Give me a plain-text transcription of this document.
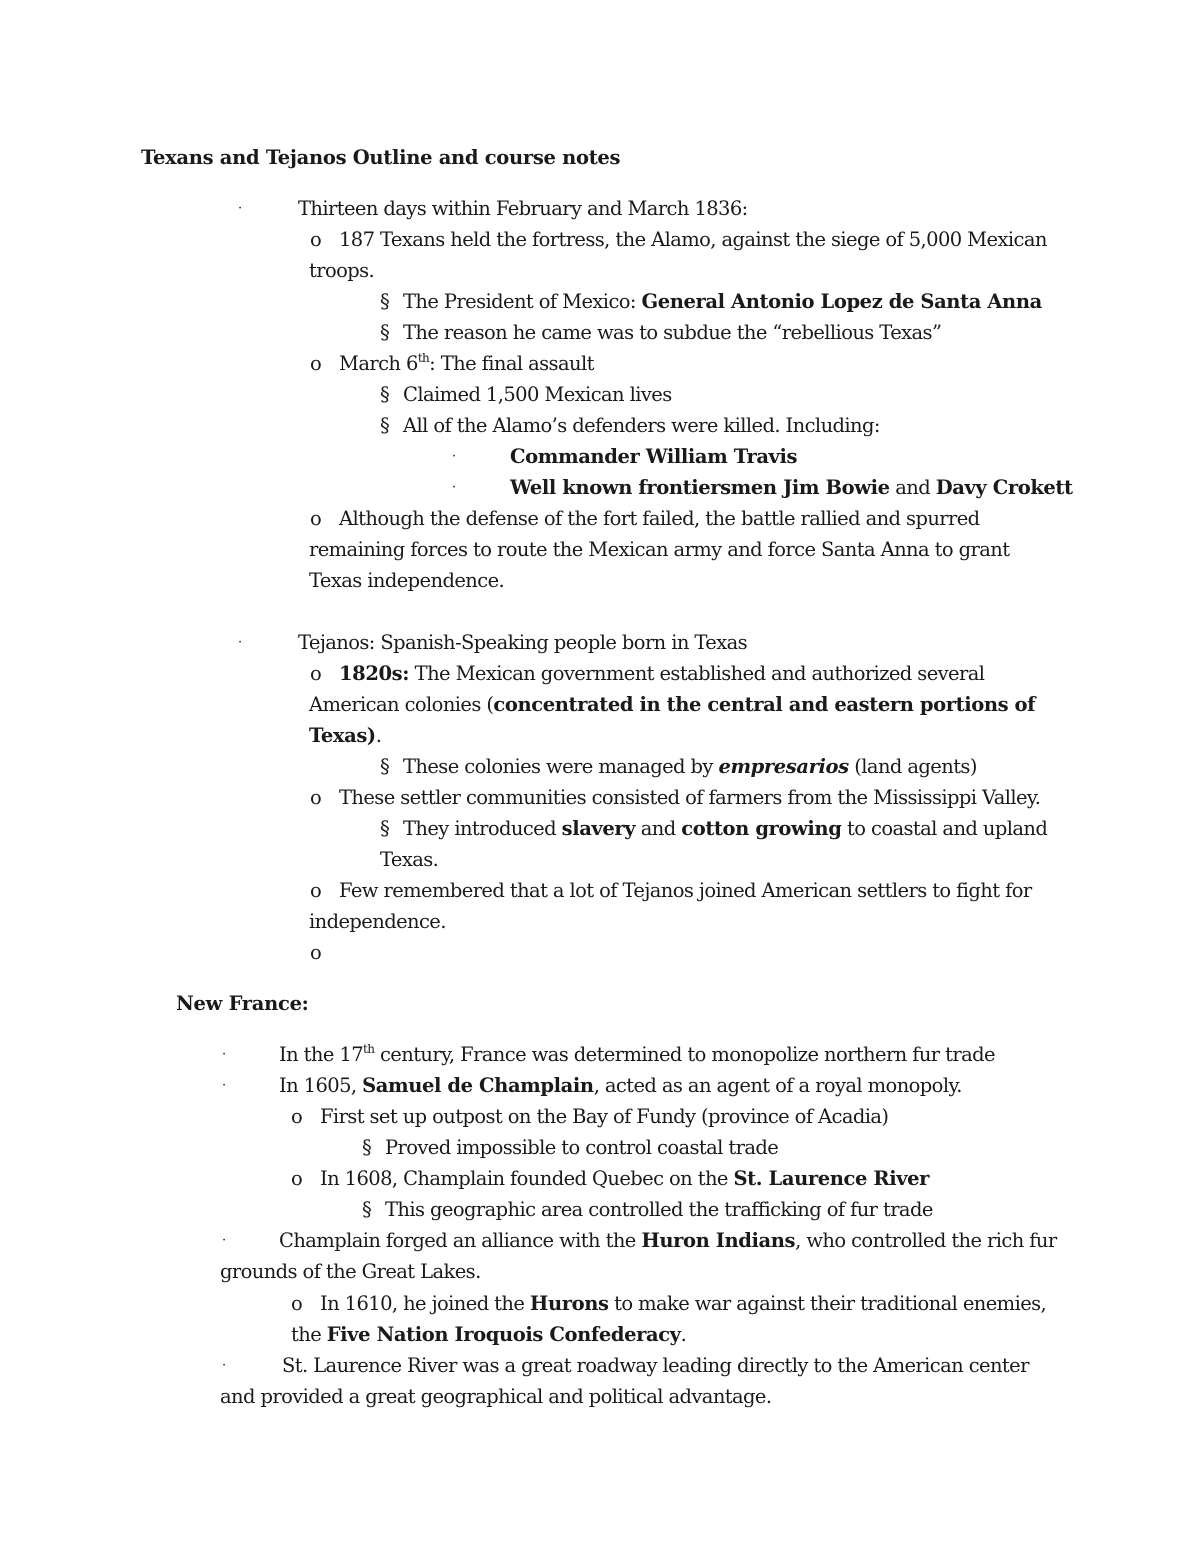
Texans and Tejanos Outline and course notes
·	Thirteen days within February and March 1836:
o 187 Texans held the fortress, the Alamo, against the siege of 5,000 Mexican
troops.
§ The President of Mexico: General Antonio Lopez de Santa Anna
§ The reason he came was to subdue the “rebellious Texas”
o March 6th: The final assault
§ Claimed 1,500 Mexican lives
§ All of the Alamo’s defenders were killed. Including:
·	Commander William Travis
·	Well known frontiersmen Jim Bowie and Davy Crokett
o Although the defense of the fort failed, the battle rallied and spurred
remaining forces to route the Mexican army and force Santa Anna to grant
Texas independence.
·	Tejanos: Spanish-Speaking people born in Texas
o 1820s: The Mexican government established and authorized several
American colonies (concentrated in the central and eastern portions of
Texas).
§ These colonies were managed by empresarios (land agents)
o These settler communities consisted of farmers from the Mississippi Valley.
§ They introduced slavery and cotton growing to coastal and upland
Texas.
o Few remembered that a lot of Tejanos joined American settlers to fight for
independence.
o
New France:
·	In the 17th century, France was determined to monopolize northern fur trade
·	In 1605, Samuel de Champlain, acted as an agent of a royal monopoly.
o First set up outpost on the Bay of Fundy (province of Acadia)
§ Proved impossible to control coastal trade
o In 1608, Champlain founded Quebec on the St. Laurence River
§ This geographic area controlled the trafficking of fur trade
·	Champlain forged an alliance with the Huron Indians, who controlled the rich fur
grounds of the Great Lakes.
o In 1610, he joined the Hurons to make war against their traditional enemies,
the Five Nation Iroquois Confederacy.
·	St. Laurence River was a great roadway leading directly to the American center
and provided a great geographical and political advantage.
